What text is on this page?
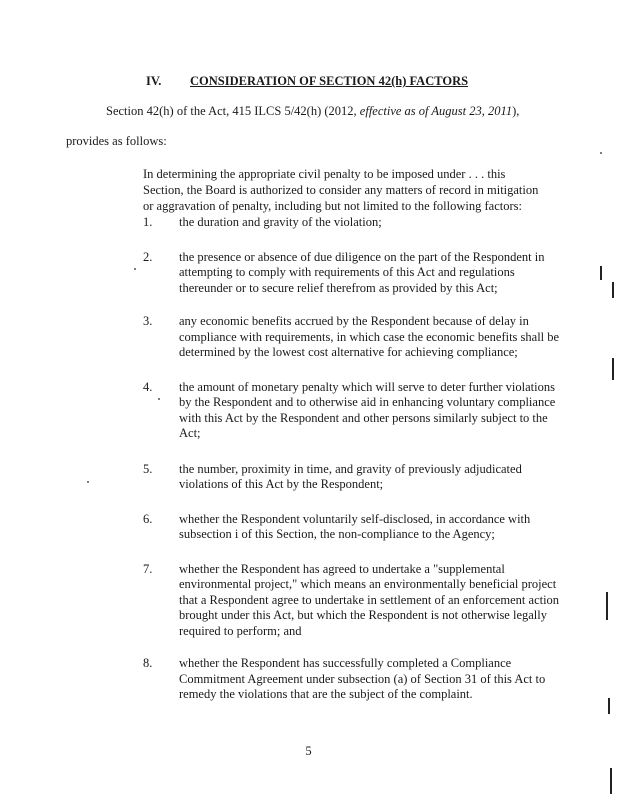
IV. CONSIDERATION OF SECTION 42(h) FACTORS
Section 42(h) of the Act, 415 ILCS 5/42(h) (2012, effective as of August 23, 2011),
provides as follows:
In determining the appropriate civil penalty to be imposed under . . . this Section, the Board is authorized to consider any matters of record in mitigation or aggravation of penalty, including but not limited to the following factors:
1. the duration and gravity of the violation;
2. the presence or absence of due diligence on the part of the Respondent in attempting to comply with requirements of this Act and regulations thereunder or to secure relief therefrom as provided by this Act;
3. any economic benefits accrued by the Respondent because of delay in compliance with requirements, in which case the economic benefits shall be determined by the lowest cost alternative for achieving compliance;
4. the amount of monetary penalty which will serve to deter further violations by the Respondent and to otherwise aid in enhancing voluntary compliance with this Act by the Respondent and other persons similarly subject to the Act;
5. the number, proximity in time, and gravity of previously adjudicated violations of this Act by the Respondent;
6. whether the Respondent voluntarily self-disclosed, in accordance with subsection i of this Section, the non-compliance to the Agency;
7. whether the Respondent has agreed to undertake a "supplemental environmental project," which means an environmentally beneficial project that a Respondent agree to undertake in settlement of an enforcement action brought under this Act, but which the Respondent is not otherwise legally required to perform; and
8. whether the Respondent has successfully completed a Compliance Commitment Agreement under subsection (a) of Section 31 of this Act to remedy the violations that are the subject of the complaint.
5
